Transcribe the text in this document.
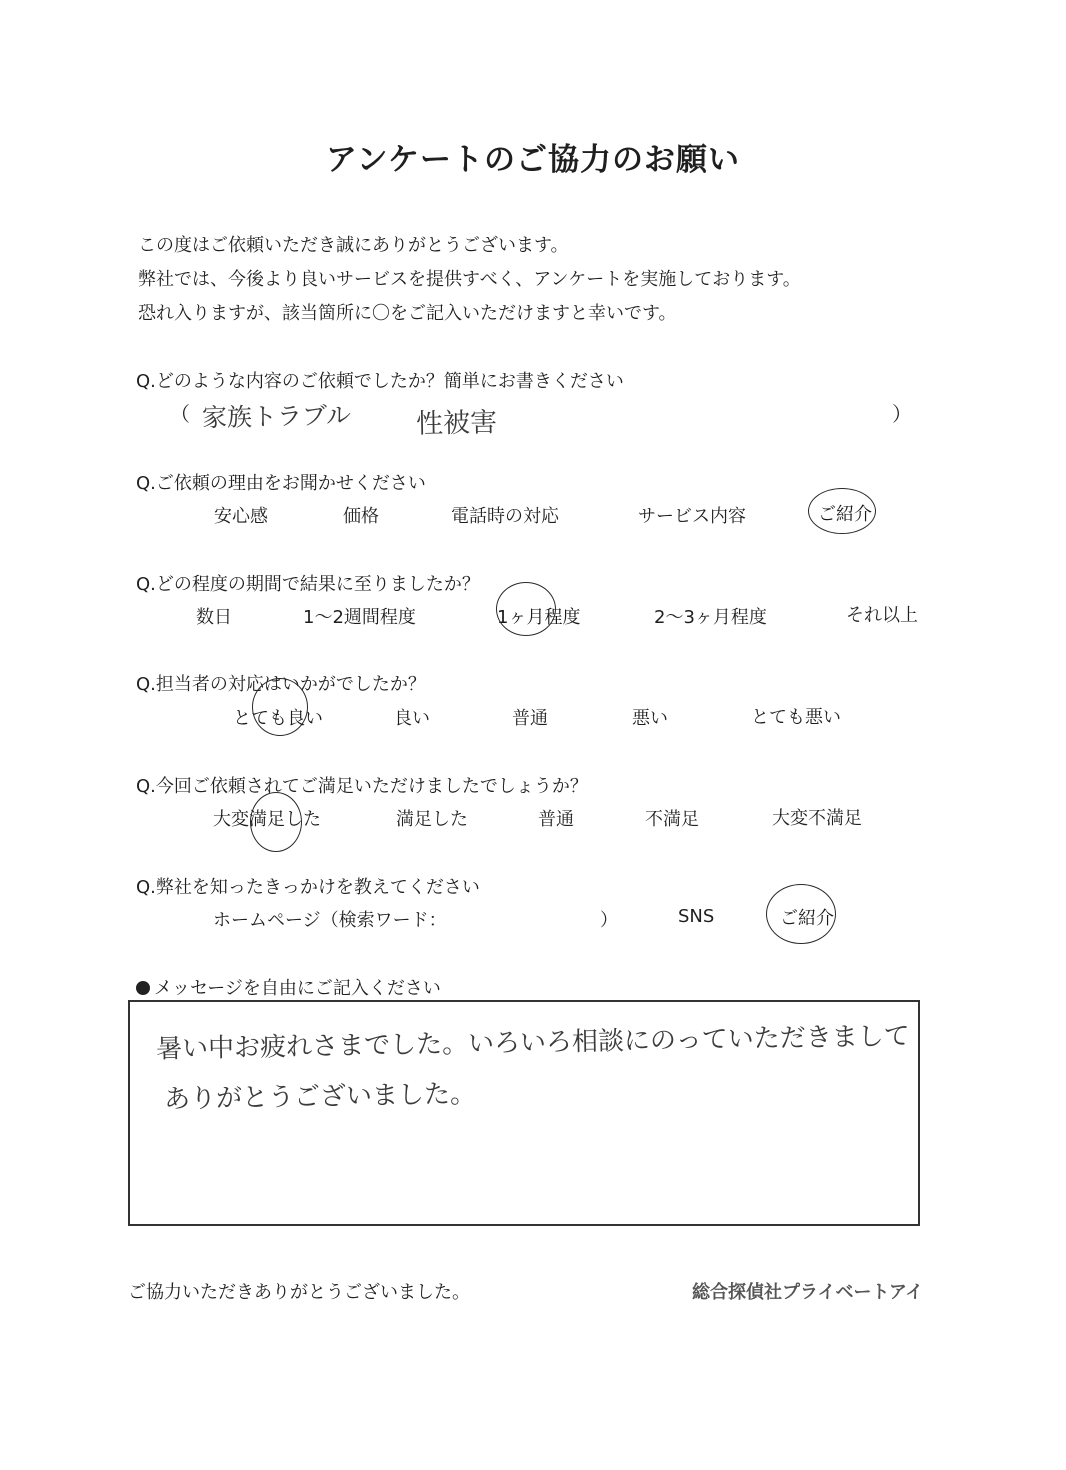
アンケートのご協力のお願い
この度はご依頼いただき誠にありがとうございます。
弊社では、今後より良いサービスを提供すべく、アンケートを実施しております。
恐れ入りますが、該当箇所に〇をご記入いただけますと幸いです。
Q.どのような内容のご依頼でしたか？簡単にお書きください
（ 家族トラブル 性被害	）
Q.ご依頼の理由をお聞かせください
安心感	価格	電話時の対応	サービス内容	ご紹介
Q.どの程度の期間で結果に至りましたか？
数日	1～2週間程度	1ヶ月程度	2～3ヶ月程度	それ以上
Q.担当者の対応はいかがでしたか？
とても良い	良い	普通	悪い	とても悪い
Q.今回ご依頼されてご満足いただけましたでしょうか？
大変満足した	満足した	普通	不満足	大変不満足
Q.弊社を知ったきっかけを教えてください
ホームページ（検索ワード：	）	SNS	ご紹介
メッセージを自由にご記入ください
暑い中お疲れさまでした。いろいろ相談にのっていただきまして
ありがとうございました。
ご協力いただきありがとうございました。	総合探偵社プライベートアイ
